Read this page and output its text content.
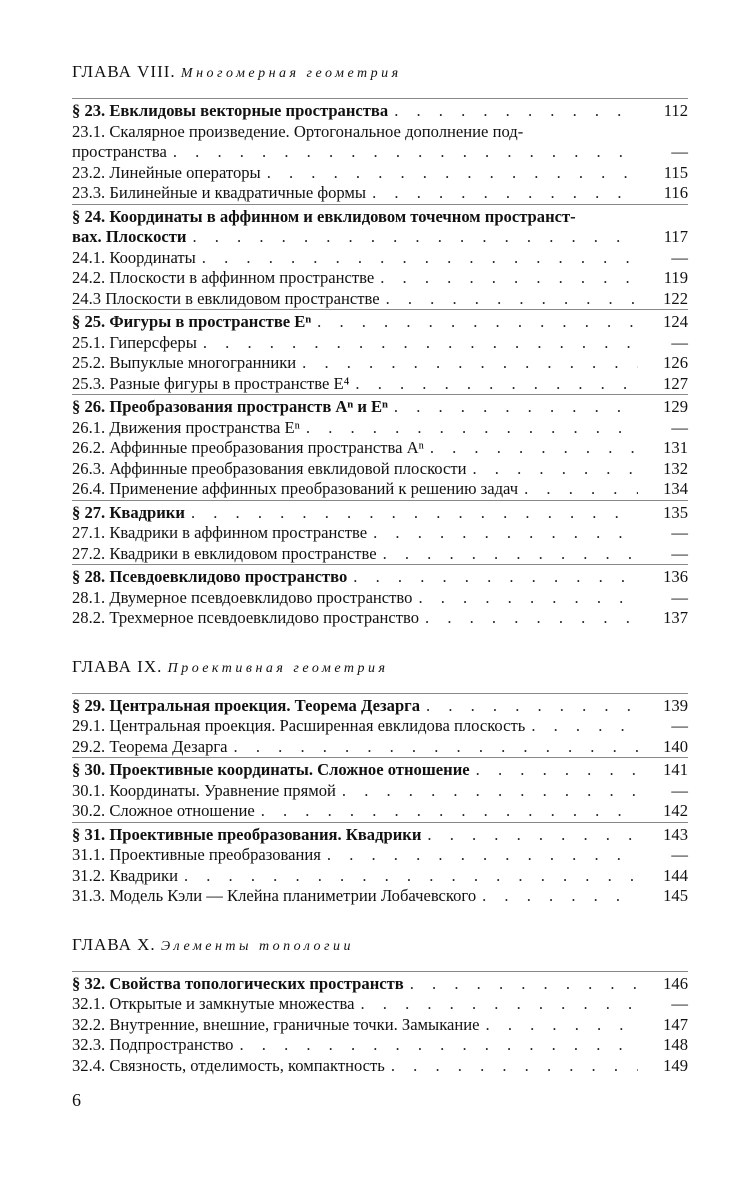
ГЛАВА VIII. Многомерная геометрия
§ 23. Евклидовы векторные пространства . . .	112
23.1. Скалярное произведение. Ортогональное дополнение под-
пространства . . .	—
23.2. Линейные операторы . . .	115
23.3. Билинейные и квадратичные формы . . .	116
§ 24. Координаты в аффинном и евклидовом точечном пространст-
вах. Плоскости . . .	117
24.1. Координаты . . .	—
24.2. Плоскости в аффинном пространстве . . .	119
24.3 Плоскости в евклидовом пространстве . . .	122
§ 25. Фигуры в пространстве Eⁿ . . .	124
25.1. Гиперсферы . . .	—
25.2. Выпуклые многогранники . . .	126
25.3. Разные фигуры в пространстве E⁴ . . .	127
§ 26. Преобразования пространств Aⁿ и Eⁿ . . .	129
26.1. Движения пространства Eⁿ . . .	—
26.2. Аффинные преобразования пространства Aⁿ . . .	131
26.3. Аффинные преобразования евклидовой плоскости . . .	132
26.4. Применение аффинных преобразований к решению задач . . .	134
§ 27. Квадрики . . .	135
27.1. Квадрики в аффинном пространстве . . .	—
27.2. Квадрики в евклидовом пространстве . . .	—
§ 28. Псевдоевклидово пространство . . .	136
28.1. Двумерное псевдоевклидово пространство . . .	—
28.2. Трехмерное псевдоевклидово пространство . . .	137
ГЛАВА IX. Проективная геометрия
§ 29. Центральная проекция. Теорема Дезарга . . .	139
29.1. Центральная проекция. Расширенная евклидова плоскость . . .	—
29.2. Теорема Дезарга . . .	140
§ 30. Проективные координаты. Сложное отношение . . .	141
30.1. Координаты. Уравнение прямой . . .	—
30.2. Сложное отношение . . .	142
§ 31. Проективные преобразования. Квадрики . . .	143
31.1. Проективные преобразования . . .	—
31.2. Квадрики . . .	144
31.3. Модель Кэли — Клейна планиметрии Лобачевского . . .	145
ГЛАВА X. Элементы топологии
§ 32. Свойства топологических пространств . . .	146
32.1. Открытые и замкнутые множества . . .	—
32.2. Внутренние, внешние, граничные точки. Замыкание . . .	147
32.3. Подпространство . . .	148
32.4. Связность, отделимость, компактность . . .	149
6
